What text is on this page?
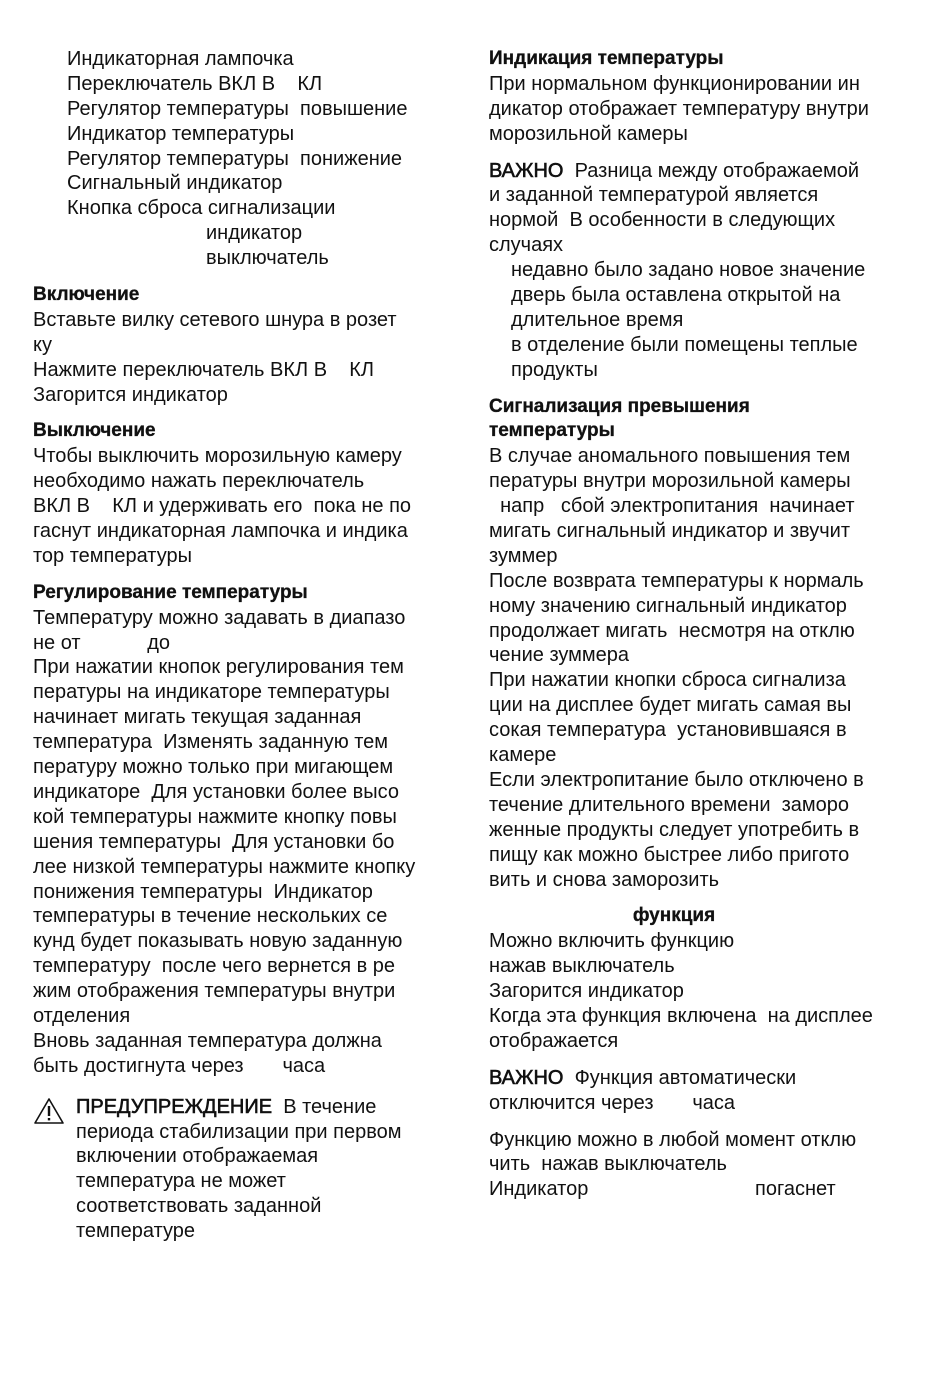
Индикаторная лампочка
Переключатель ВКЛ В    КЛ
Регулятор температуры  повышение
Индикатор температуры
Регулятор температуры  понижение
Сигнальный индикатор
Кнопка сброса сигнализации
индикатор
выключатель
Включение
Вставьте вилку сетевого шнура в розет
ку
Нажмите переключатель ВКЛ В    КЛ
Загорится индикатор
Выключение
Чтобы выключить морозильную камеру
необходимо нажать переключатель
ВКЛ В    КЛ и удерживать его  пока не по
гаснут индикаторная лампочка и индика
тор температуры
Регулирование температуры
Температуру можно задавать в диапазо
не от            до
При нажатии кнопок регулирования тем
пературы на индикаторе температуры
начинает мигать текущая заданная
температура  Изменять заданную тем
пературу можно только при мигающем
индикаторе  Для установки более высо
кой температуры нажмите кнопку повы
шения температуры  Для установки бо
лее низкой температуры нажмите кнопку
понижения температуры  Индикатор
температуры в течение нескольких се
кунд будет показывать новую заданную
температуру  после чего вернется в ре
жим отображения температуры внутри
отделения
Вновь заданная температура должна
быть достигнута через       часа
ПРЕДУПРЕЖДЕНИЕ  В течение
периода стабилизации при первом
включении отображаемая
температура не может
соответствовать заданной
температуре
Индикация температуры
При нормальном функционировании ин
дикатор отображает температуру внутри
морозильной камеры
ВАЖНО  Разница между отображаемой
и заданной температурой является
нормой  В особенности в следующих
случаях
недавно было задано новое значение
дверь была оставлена открытой на
длительное время
в отделение были помещены теплые
продукты
Сигнализация превышения
температуры
В случае аномального повышения тем
пературы внутри морозильной камеры
напр   сбой электропитания  начинает
мигать сигнальный индикатор и звучит
зуммер
После возврата температуры к нормаль
ному значению сигнальный индикатор
продолжает мигать  несмотря на отклю
чение зуммера
При нажатии кнопки сброса сигнализа
ции на дисплее будет мигать самая вы
сокая температура  установившаяся в
камере
Если электропитание было отключено в
течение длительного времени  заморо
женные продукты следует употребить в
пищу как можно быстрее либо пригото
вить и снова заморозить
функция
Можно включить функцию
нажав выключатель
Загорится индикатор
Когда эта функция включена  на дисплее
отображается
ВАЖНО  Функция автоматически
отключится через       часа
Функцию можно в любой момент отклю
чить  нажав выключатель
Индикатор                              погаснет
